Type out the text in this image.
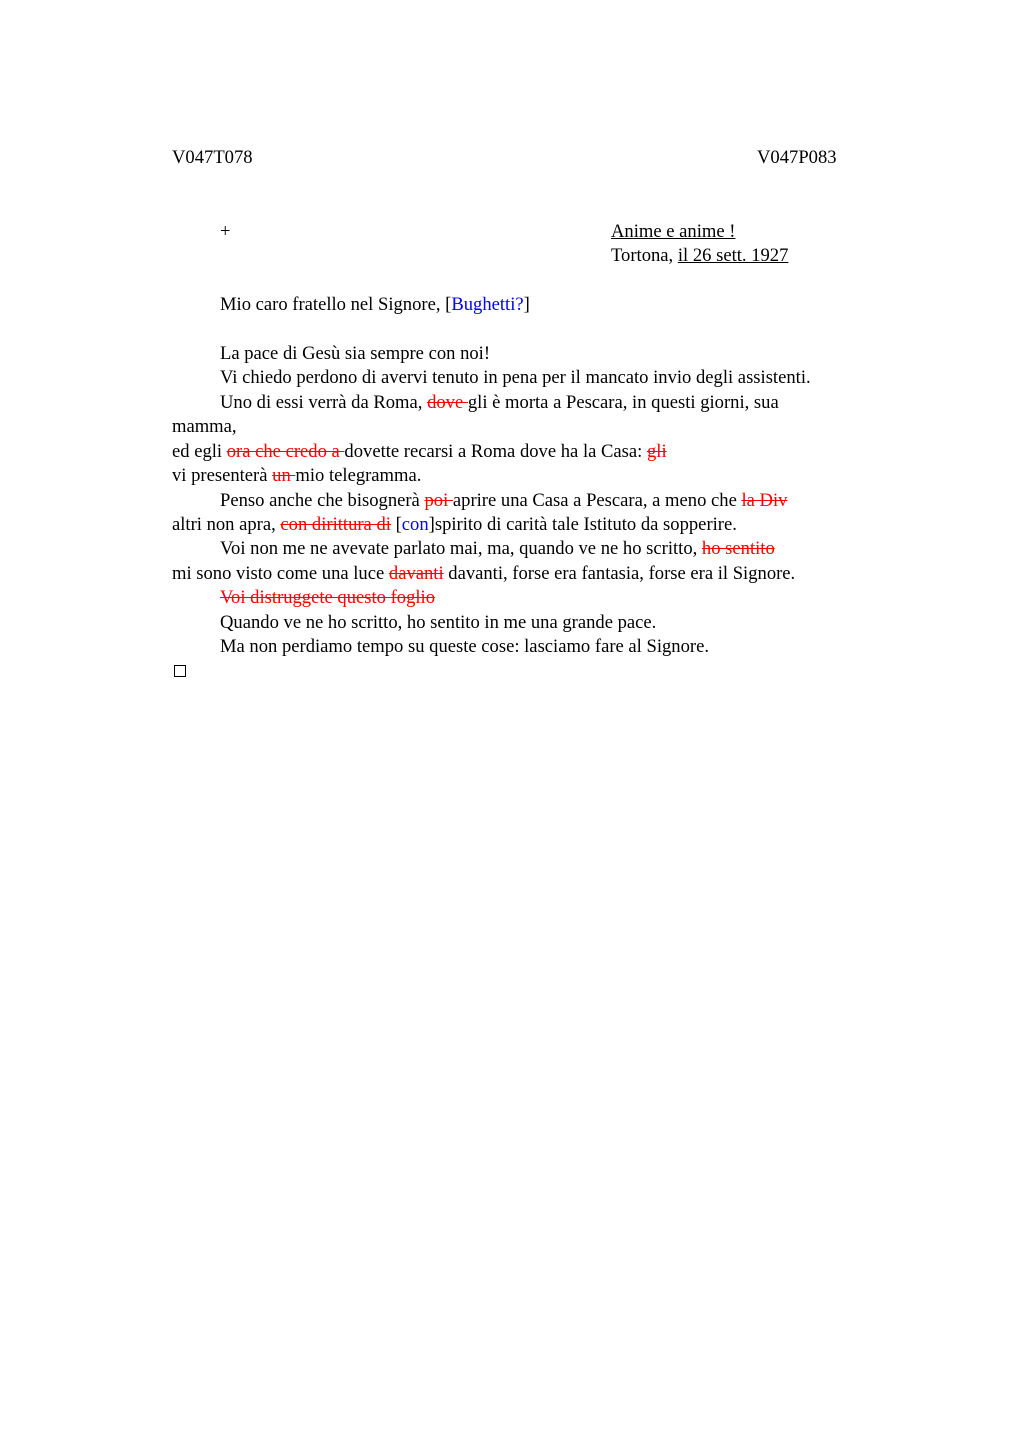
V047T078	V047P083
+	Anime e anime !
Tortona, il 26 sett. 1927
Mio caro fratello nel Signore, [Bughetti?]
La pace di Gesù sia sempre con noi!
Vi chiedo perdono di avervi tenuto in pena per il mancato invio degli assistenti.
Uno di essi verrà da Roma, dove gli è morta a Pescara, in questi giorni, sua
mamma,
ed egli ora che credo a dovette recarsi a Roma dove ha la Casa: gli
vi presenterà un mio telegramma.
Penso anche che bisognerà poi aprire una Casa a Pescara, a meno che la Div
altri non apra, con dirittura di [con]spirito di carità tale Istituto da sopperire.
Voi non me ne avevate parlato mai, ma, quando ve ne ho scritto, ho sentito
mi sono visto come una luce davanti davanti, forse era fantasia, forse era il Signore.
Voi distruggete questo foglio
Quando ve ne ho scritto, ho sentito in me una grande pace.
Ma non perdiamo tempo su queste cose: lasciamo fare al Signore.
